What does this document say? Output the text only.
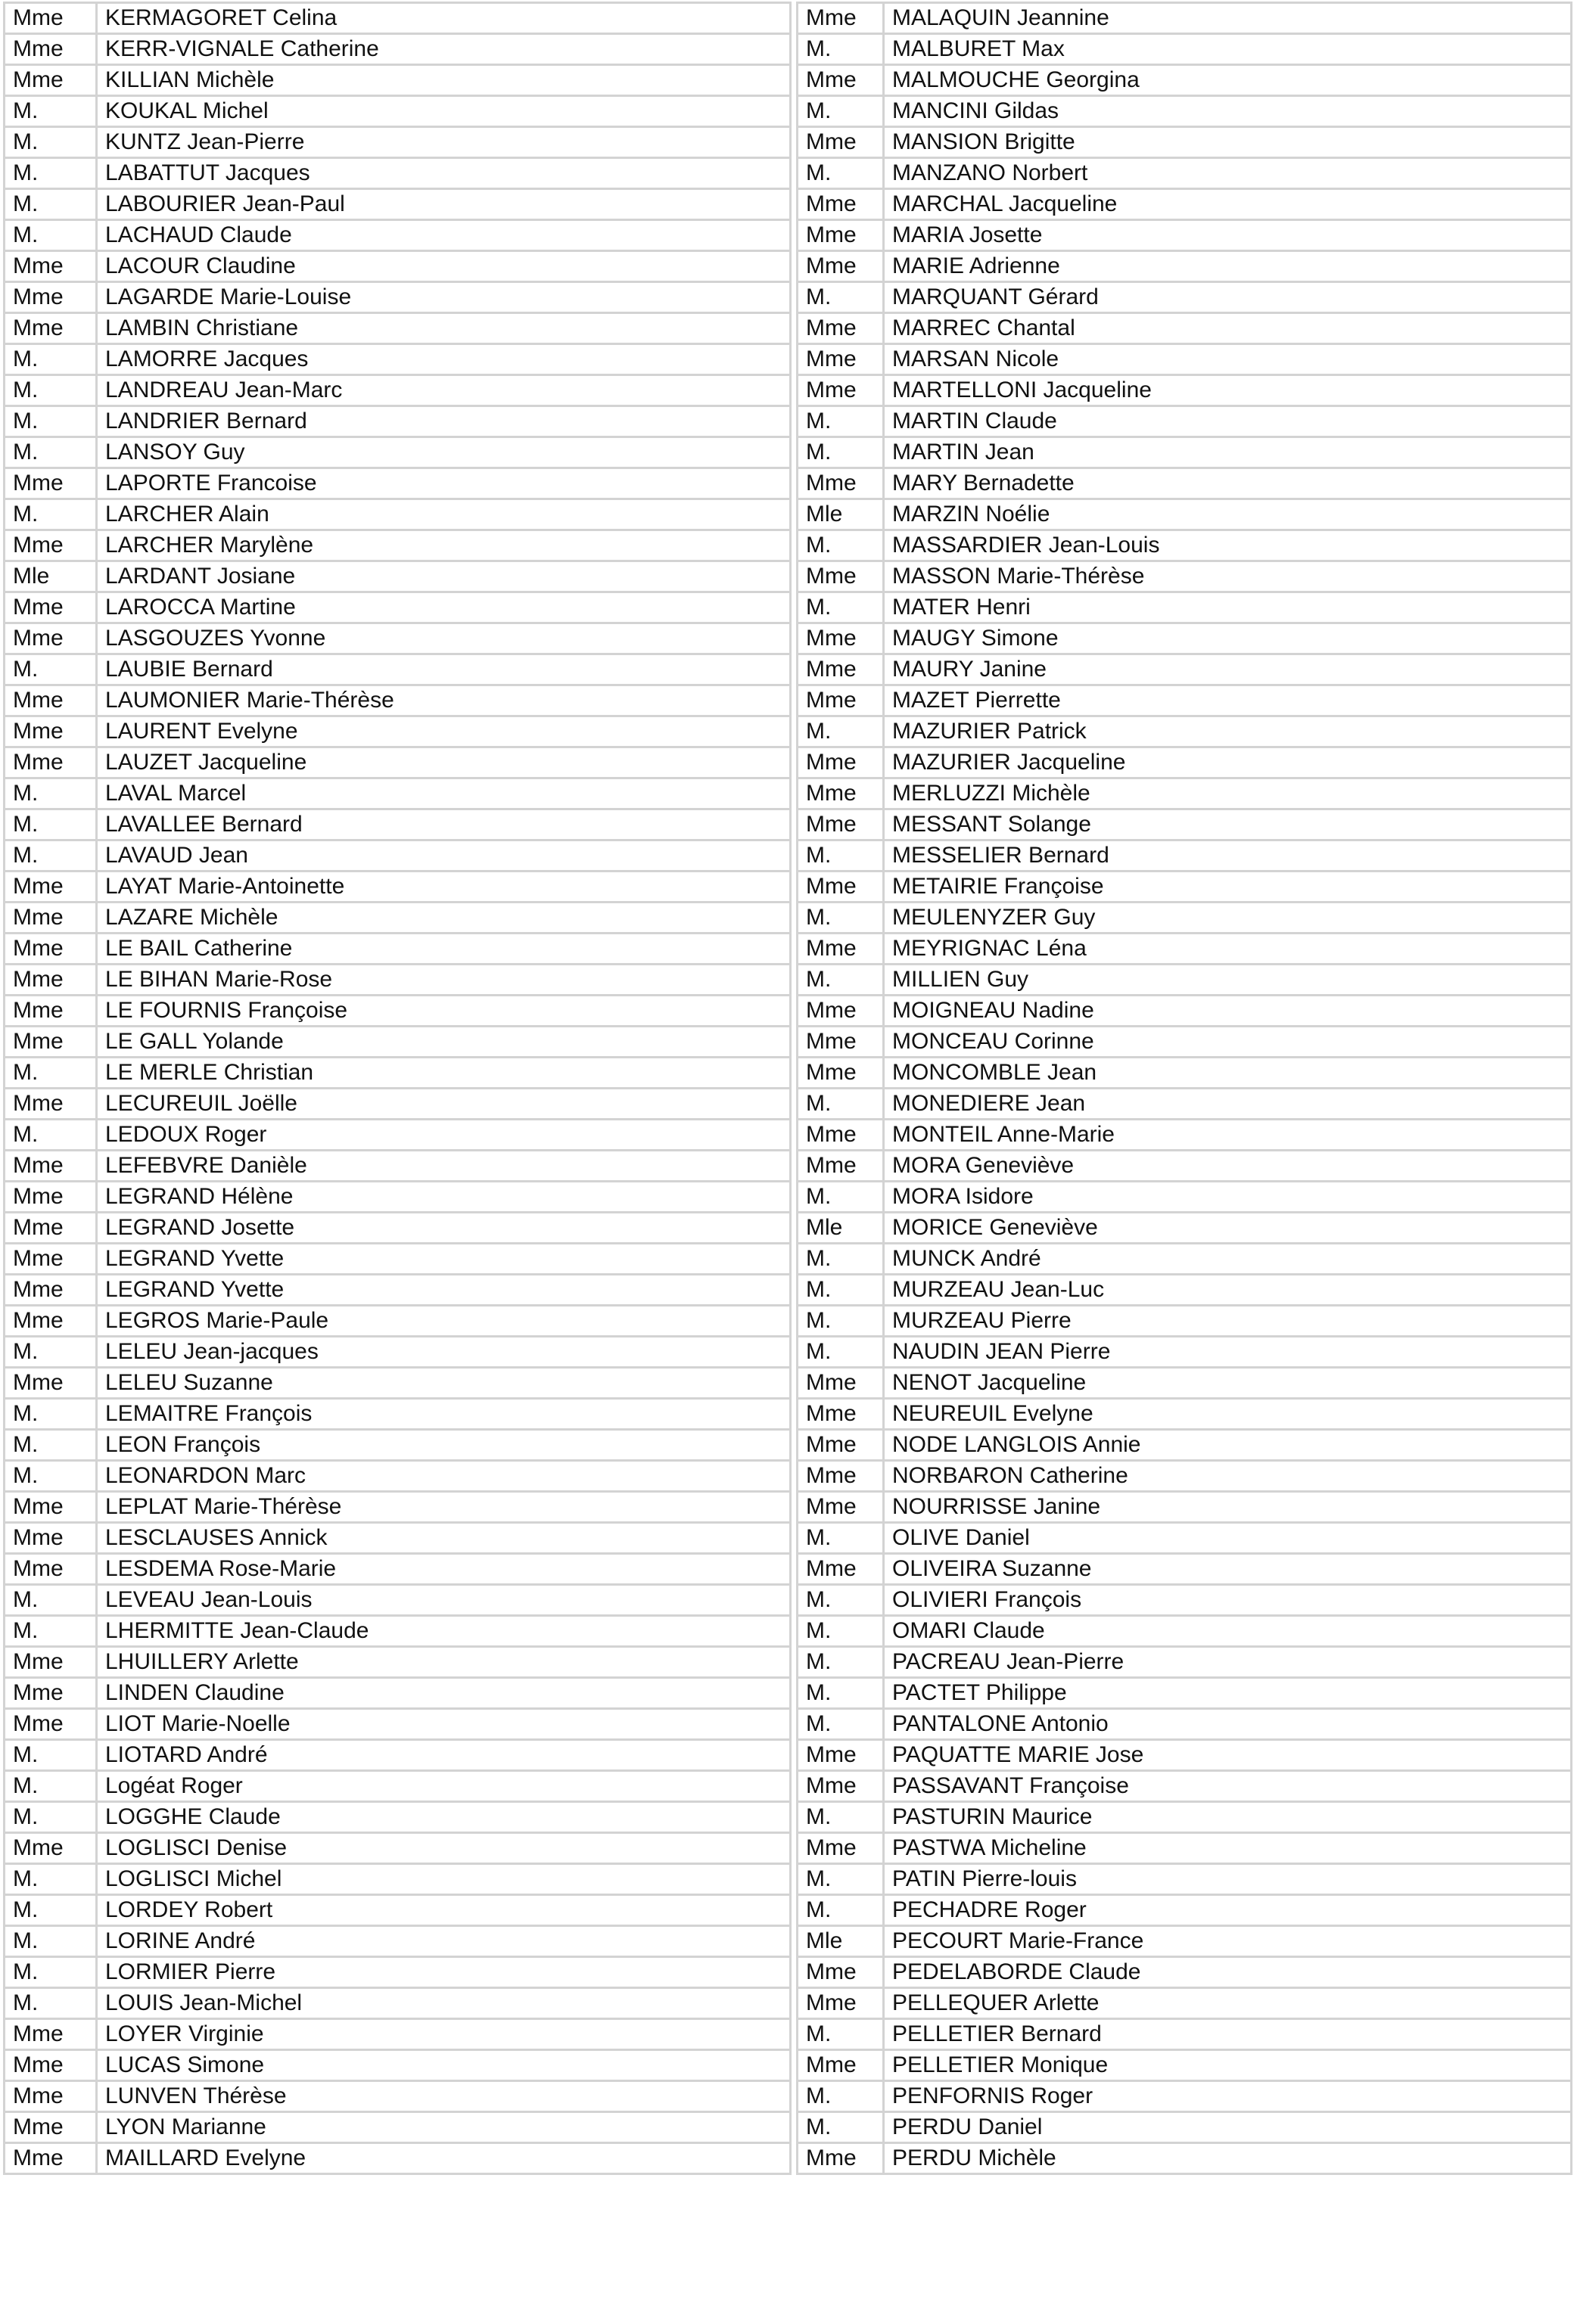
Mme	KERMAGORET Celina
Mme	KERR-VIGNALE Catherine
Mme	KILLIAN Michèle
M.	KOUKAL Michel
M.	KUNTZ Jean-Pierre
M.	LABATTUT Jacques
M.	LABOURIER Jean-Paul
M.	LACHAUD Claude
Mme	LACOUR Claudine
Mme	LAGARDE Marie-Louise
Mme	LAMBIN Christiane
M.	LAMORRE Jacques
M.	LANDREAU Jean-Marc
M.	LANDRIER Bernard
M.	LANSOY Guy
Mme	LAPORTE Francoise
M.	LARCHER Alain
Mme	LARCHER Marylène
Mle	LARDANT Josiane
Mme	LAROCCA Martine
Mme	LASGOUZES Yvonne
M.	LAUBIE Bernard
Mme	LAUMONIER Marie-Thérèse
Mme	LAURENT Evelyne
Mme	LAUZET Jacqueline
M.	LAVAL Marcel
M.	LAVALLEE Bernard
M.	LAVAUD Jean
Mme	LAYAT Marie-Antoinette
Mme	LAZARE Michèle
Mme	LE BAIL Catherine
Mme	LE BIHAN Marie-Rose
Mme	LE FOURNIS Françoise
Mme	LE GALL Yolande
M.	LE MERLE Christian
Mme	LECUREUIL Joëlle
M.	LEDOUX Roger
Mme	LEFEBVRE Danièle
Mme	LEGRAND Hélène
Mme	LEGRAND Josette
Mme	LEGRAND Yvette
Mme	LEGRAND Yvette
Mme	LEGROS Marie-Paule
M.	LELEU Jean-jacques
Mme	LELEU Suzanne
M.	LEMAITRE François
M.	LEON François
M.	LEONARDON Marc
Mme	LEPLAT Marie-Thérèse
Mme	LESCLAUSES Annick
Mme	LESDEMA Rose-Marie
M.	LEVEAU Jean-Louis
M.	LHERMITTE Jean-Claude
Mme	LHUILLERY Arlette
Mme	LINDEN Claudine
Mme	LIOT Marie-Noelle
M.	LIOTARD André
M.	Logéat Roger
M.	LOGGHE Claude
Mme	LOGLISCI Denise
M.	LOGLISCI Michel
M.	LORDEY Robert
M.	LORINE André
M.	LORMIER Pierre
M.	LOUIS Jean-Michel
Mme	LOYER Virginie
Mme	LUCAS Simone
Mme	LUNVEN Thérèse
Mme	LYON Marianne
Mme	MAILLARD Evelyne
Mme	MALAQUIN Jeannine
M.	MALBURET Max
Mme	MALMOUCHE Georgina
M.	MANCINI Gildas
Mme	MANSION Brigitte
M.	MANZANO Norbert
Mme	MARCHAL Jacqueline
Mme	MARIA Josette
Mme	MARIE Adrienne
M.	MARQUANT Gérard
Mme	MARREC Chantal
Mme	MARSAN Nicole
Mme	MARTELLONI Jacqueline
M.	MARTIN Claude
M.	MARTIN Jean
Mme	MARY Bernadette
Mle	MARZIN Noélie
M.	MASSARDIER Jean-Louis
Mme	MASSON Marie-Thérèse
M.	MATER Henri
Mme	MAUGY Simone
Mme	MAURY Janine
Mme	MAZET Pierrette
M.	MAZURIER Patrick
Mme	MAZURIER Jacqueline
Mme	MERLUZZI Michèle
Mme	MESSANT Solange
M.	MESSELIER Bernard
Mme	METAIRIE Françoise
M.	MEULENYZER Guy
Mme	MEYRIGNAC Léna
M.	MILLIEN Guy
Mme	MOIGNEAU Nadine
Mme	MONCEAU Corinne
Mme	MONCOMBLE Jean
M.	MONEDIERE Jean
Mme	MONTEIL Anne-Marie
Mme	MORA Geneviève
M.	MORA Isidore
Mle	MORICE Geneviève
M.	MUNCK André
M.	MURZEAU Jean-Luc
M.	MURZEAU Pierre
M.	NAUDIN JEAN Pierre
Mme	NENOT Jacqueline
Mme	NEUREUIL Evelyne
Mme	NODE LANGLOIS Annie
Mme	NORBARON Catherine
Mme	NOURRISSE Janine
M.	OLIVE Daniel
Mme	OLIVEIRA Suzanne
M.	OLIVIERI François
M.	OMARI Claude
M.	PACREAU Jean-Pierre
M.	PACTET Philippe
M.	PANTALONE Antonio
Mme	PAQUATTE MARIE Jose
Mme	PASSAVANT Françoise
M.	PASTURIN Maurice
Mme	PASTWA Micheline
M.	PATIN Pierre-louis
M.	PECHADRE Roger
Mle	PECOURT Marie-France
Mme	PEDELABORDE Claude
Mme	PELLEQUER Arlette
M.	PELLETIER Bernard
Mme	PELLETIER Monique
M.	PENFORNIS Roger
M.	PERDU Daniel
Mme	PERDU Michèle
